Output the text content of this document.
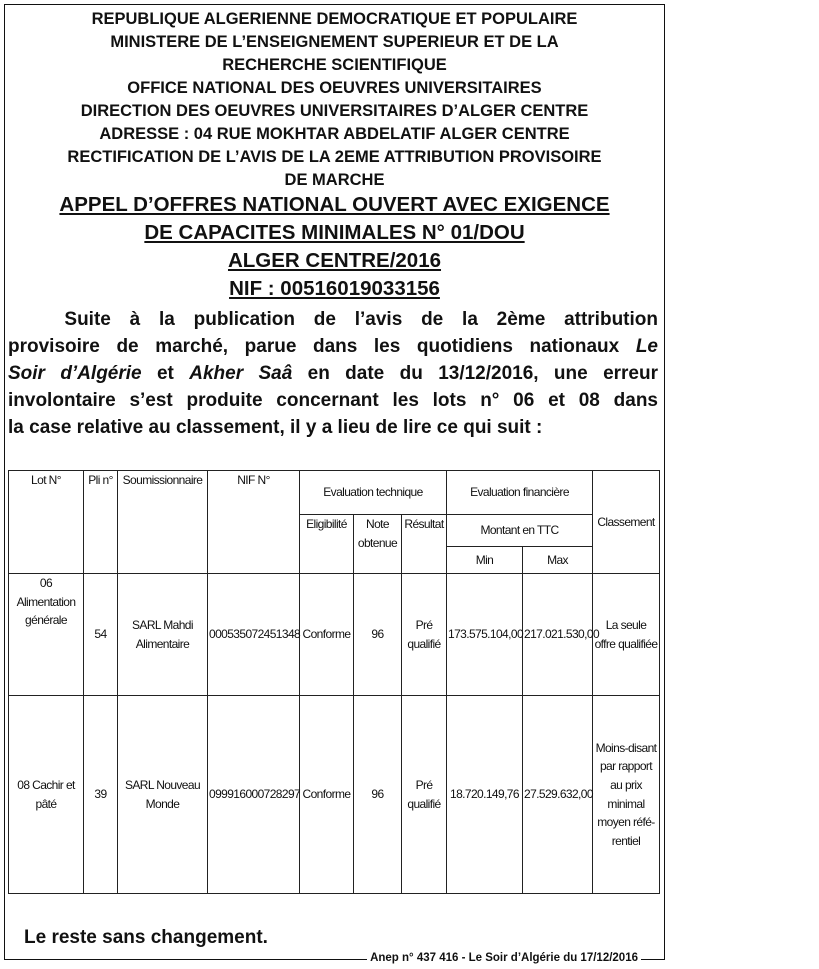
REPUBLIQUE ALGERIENNE DEMOCRATIQUE ET POPULAIRE
MINISTERE DE L’ENSEIGNEMENT SUPERIEUR ET DE LA
RECHERCHE SCIENTIFIQUE
OFFICE NATIONAL DES OEUVRES UNIVERSITAIRES
DIRECTION DES OEUVRES UNIVERSITAIRES D’ALGER CENTRE
ADRESSE : 04 RUE MOKHTAR ABDELATIF ALGER CENTRE
RECTIFICATION DE L’AVIS DE LA 2EME ATTRIBUTION PROVISOIRE
DE MARCHE
APPEL D’OFFRES NATIONAL OUVERT AVEC EXIGENCE
DE CAPACITES MINIMALES N° 01/DOU
ALGER CENTRE/2016
NIF : 00516019033156
Suite à la publication de l’avis de la 2ème attribution
provisoire de marché, parue dans les quotidiens nationaux Le
Soir d’Algérie et Akher Saâ en date du 13/12/2016, une erreur
involontaire s’est produite concernant les lots n° 06 et 08 dans
la case relative au classement, il y a lieu de lire ce qui suit :
Lot N°	Pli n°	Soumissionnaire	NIF N°	Evaluation technique			Evaluation financière		Classement
				Eligibilité	Note obtenue	Résultat	Montant en TTC		
							Min	Max	
06 Alimentation générale	54	SARL Mahdi Alimentaire	000535072451348	Conforme	96	Pré qualifié	173.575.104,00	217.021.530,00	La seule offre qualifiée
08 Cachir et pâté	39	SARL Nouveau Monde	099916000728297	Conforme	96	Pré qualifié	18.720.149,76	27.529.632,00	Moins-disant par rapport au prix minimal moyen réfé-rentiel
Le reste sans changement.
Anep n° 437 416 - Le Soir d’Algérie du 17/12/2016
